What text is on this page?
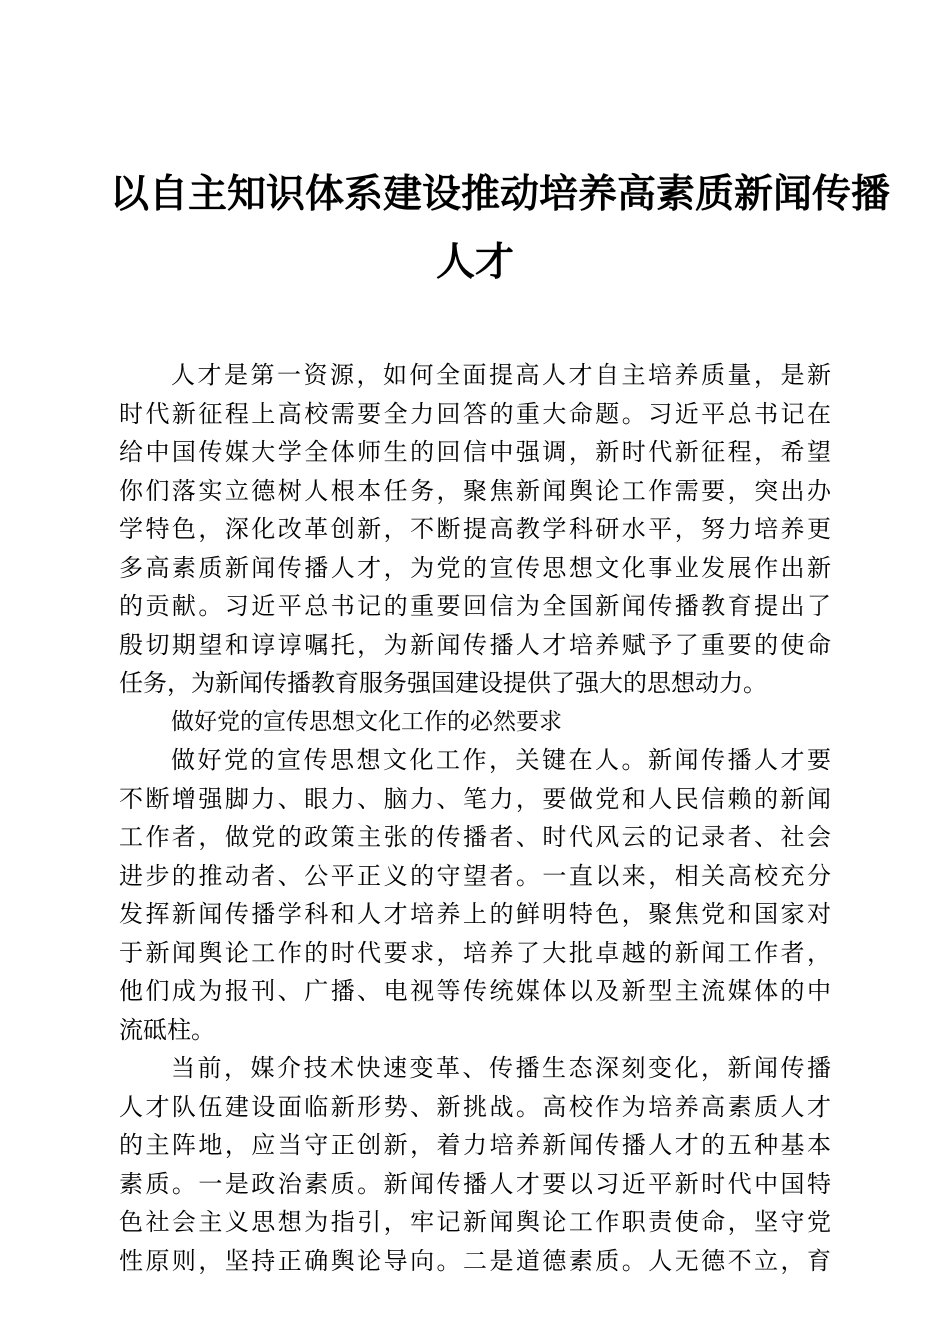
以自主知识体系建设推动培养高素质新闻传播
人才

人才是第一资源，如何全面提高人才自主培养质量，是新

时代新征程上高校需要全力回答的重大命题。习近平总书记在

给中国传媒大学全体师生的回信中强调，新时代新征程，希望

你们落实立德树人根本任务，聚焦新闻舆论工作需要，突出办

学特色，深化改革创新，不断提高教学科研水平，努力培养更

多高素质新闻传播人才，为党的宣传思想文化事业发展作出新

的贡献。习近平总书记的重要回信为全国新闻传播教育提出了

殷切期望和谆谆嘱托，为新闻传播人才培养赋予了重要的使命

任务，为新闻传播教育服务强国建设提供了强大的思想动力。

做好党的宣传思想文化工作的必然要求

做好党的宣传思想文化工作，关键在人。新闻传播人才要

不断增强脚力、眼力、脑力、笔力，要做党和人民信赖的新闻

工作者，做党的政策主张的传播者、时代风云的记录者、社会

进步的推动者、公平正义的守望者。一直以来，相关高校充分

发挥新闻传播学科和人才培养上的鲜明特色，聚焦党和国家对

于新闻舆论工作的时代要求，培养了大批卓越的新闻工作者，

他们成为报刊、广播、电视等传统媒体以及新型主流媒体的中

流砥柱。

当前，媒介技术快速变革、传播生态深刻变化，新闻传播

人才队伍建设面临新形势、新挑战。高校作为培养高素质人才

的主阵地，应当守正创新，着力培养新闻传播人才的五种基本

素质。一是政治素质。新闻传播人才要以习近平新时代中国特

色社会主义思想为指引，牢记新闻舆论工作职责使命，坚守党

性原则，坚持正确舆论导向。二是道德素质。人无德不立，育
